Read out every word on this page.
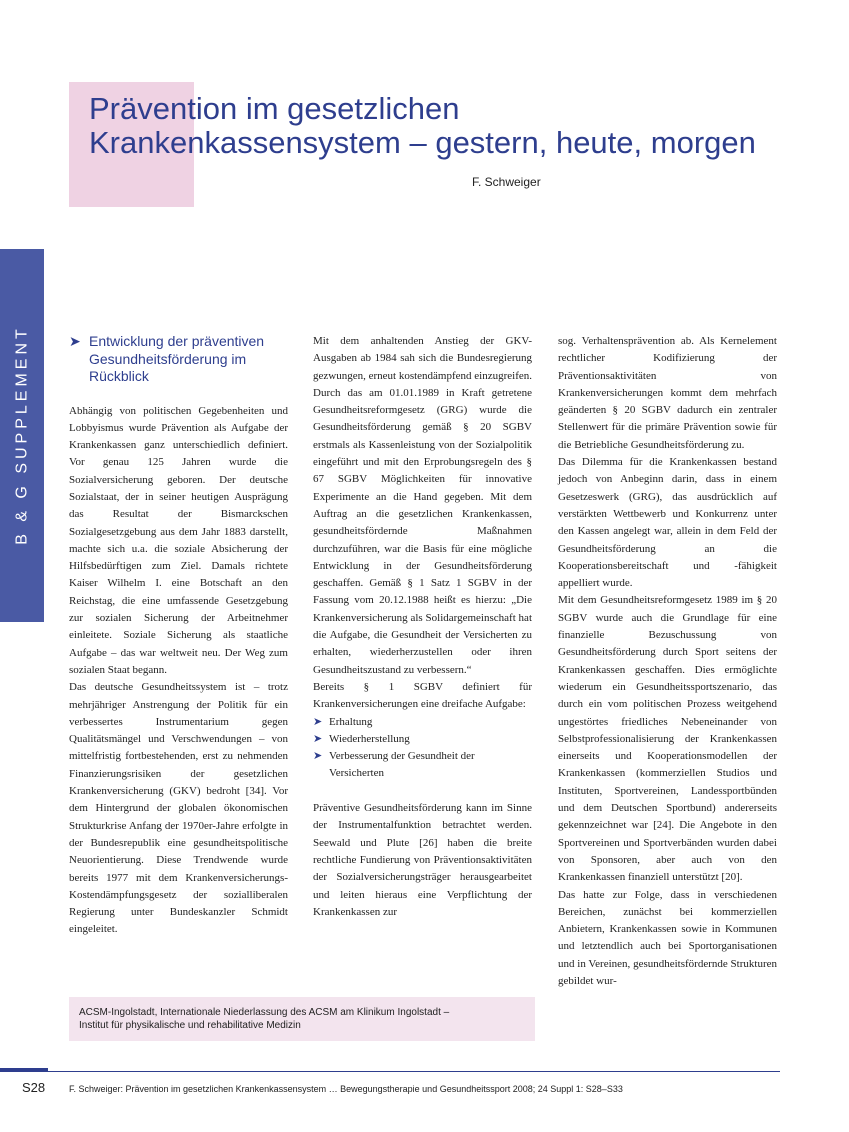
Prävention im gesetzlichen
Krankenkassensystem – gestern, heute, morgen
F. Schweiger
B & G SUPPLEMENT	➤ Entwicklung der präventiven Gesundheitsförderung im Rückblick

Abhängig von politischen Gegebenheiten und Lobbyismus wurde Prävention als Aufgabe der Krankenkassen ganz unterschiedlich definiert. Vor genau 125 Jahren wurde die Sozialversicherung geboren. Der deutsche Sozialstaat, der in seiner heutigen Ausprägung das Resultat der Bismarckschen Sozialgesetzgebung aus dem Jahr 1883 darstellt, machte sich u.a. die soziale Absicherung der Hilfsbedürftigen zum Ziel. Damals richtete Kaiser Wilhelm I. eine Botschaft an den Reichstag, die eine umfassende Gesetzgebung zur sozialen Sicherung der Arbeitnehmer einleitete. Soziale Sicherung als staatliche Aufgabe – das war weltweit neu. Der Weg zum sozialen Staat begann.

Das deutsche Gesundheitssystem ist – trotz mehrjähriger Anstrengung der Politik für ein verbessertes Instrumentarium gegen Qualitätsmängel und Verschwendungen – von mittelfristig fortbestehenden, erst zu nehmenden Finanzierungsrisiken der gesetzlichen Krankenversicherung (GKV) bedroht [34]. Vor dem Hintergrund der globalen ökonomischen Strukturkrise Anfang der 1970er-Jahre erfolgte in der Bundesrepublik eine gesundheitspolitische Neuorientierung. Diese Trendwende wurde bereits 1977 mit dem Krankenversicherungs-Kostendämpfungsgesetz der sozialliberalen Regierung unter Bundeskanzler Schmidt eingeleitet.

Mit dem anhaltenden Anstieg der GKV-Ausgaben ab 1984 sah sich die Bundesregierung gezwungen, erneut kostendämpfend einzugreifen. Durch das am 01.01.1989 in Kraft getretene Gesundheitsreformgesetz (GRG) wurde die Gesundheitsförderung gemäß § 20 SGBV erstmals als Kassenleistung von der Sozialpolitik eingeführt und mit den Erprobungsregeln des § 67 SGBV Möglichkeiten für innovative Experimente an die Hand gegeben. Mit dem Auftrag an die gesetzlichen Krankenkassen, gesundheitsfördernde Maßnahmen durchzuführen, war die Basis für eine mögliche Entwicklung in der Gesundheitsförderung geschaffen. Gemäß § 1 Satz 1 SGBV in der Fassung vom 20.12.1988 heißt es hierzu: „Die Krankenversicherung als Solidargemeinschaft hat die Aufgabe, die Gesundheit der Versicherten zu erhalten, wiederherzustellen oder ihren Gesundheitszustand zu verbessern.“

Bereits § 1 SGBV definiert für Krankenversicherungen eine dreifache Aufgabe:

➤ Erhaltung
➤ Wiederherstellung
➤ Verbesserung der Gesundheit der Versicherten

Präventive Gesundheitsförderung kann im Sinne der Instrumentalfunktion betrachtet werden. Seewald und Plute [26] haben die breite rechtliche Fundierung von Präventionsaktivitäten der Sozialversicherungsträger herausgearbeitet und leiten hieraus eine Verpflichtung der Krankenkassen zur

sog. Verhaltensprävention ab. Als Kernelement rechtlicher Kodifizierung der Präventionsaktivitäten von Krankenversicherungen kommt dem mehrfach geänderten § 20 SGBV dadurch ein zentraler Stellenwert für die primäre Prävention sowie für die Betriebliche Gesundheitsförderung zu.

Das Dilemma für die Krankenkassen bestand jedoch von Anbeginn darin, dass in einem Gesetzeswerk (GRG), das ausdrücklich auf verstärkten Wettbewerb und Konkurrenz unter den Kassen angelegt war, allein in dem Feld der Gesundheitsförderung an die Kooperationsbereitschaft und -fähigkeit appelliert wurde.

Mit dem Gesundheitsreformgesetz 1989 im § 20 SGBV wurde auch die Grundlage für eine finanzielle Bezuschussung von Gesundheitsförderung durch Sport seitens der Krankenkassen geschaffen. Dies ermöglichte wiederum ein Gesundheitssportszenario, das durch ein vom politischen Prozess weitgehend ungestörtes friedliches Nebeneinander von Selbstprofessionalisierung der Krankenkassen einerseits und Kooperationsmodellen der Krankenkassen (kommerziellen Studios und Instituten, Sportvereinen, Landessportbünden und dem Deutschen Sportbund) andererseits gekennzeichnet war [24]. Die Angebote in den Sportvereinen und Sportverbänden wurden dabei von Sponsoren, aber auch von den Krankenkassen finanziell unterstützt [20].

Das hatte zur Folge, dass in verschiedenen Bereichen, zunächst bei kommerziellen Anbietern, Krankenkassen sowie in Kommunen und letztendlich auch bei Sportorganisationen und in Vereinen, gesundheitsfördernde Strukturen gebildet wur-

ACSM-Ingolstadt, Internationale Niederlassung des ACSM am Klinikum Ingolstadt –
Institut für physikalische und rehabilitative Medizin
S28	F. Schweiger: Prävention im gesetzlichen Krankenkassensystem … Bewegungstherapie und Gesundheitssport 2008; 24 Suppl 1: S28–S33
